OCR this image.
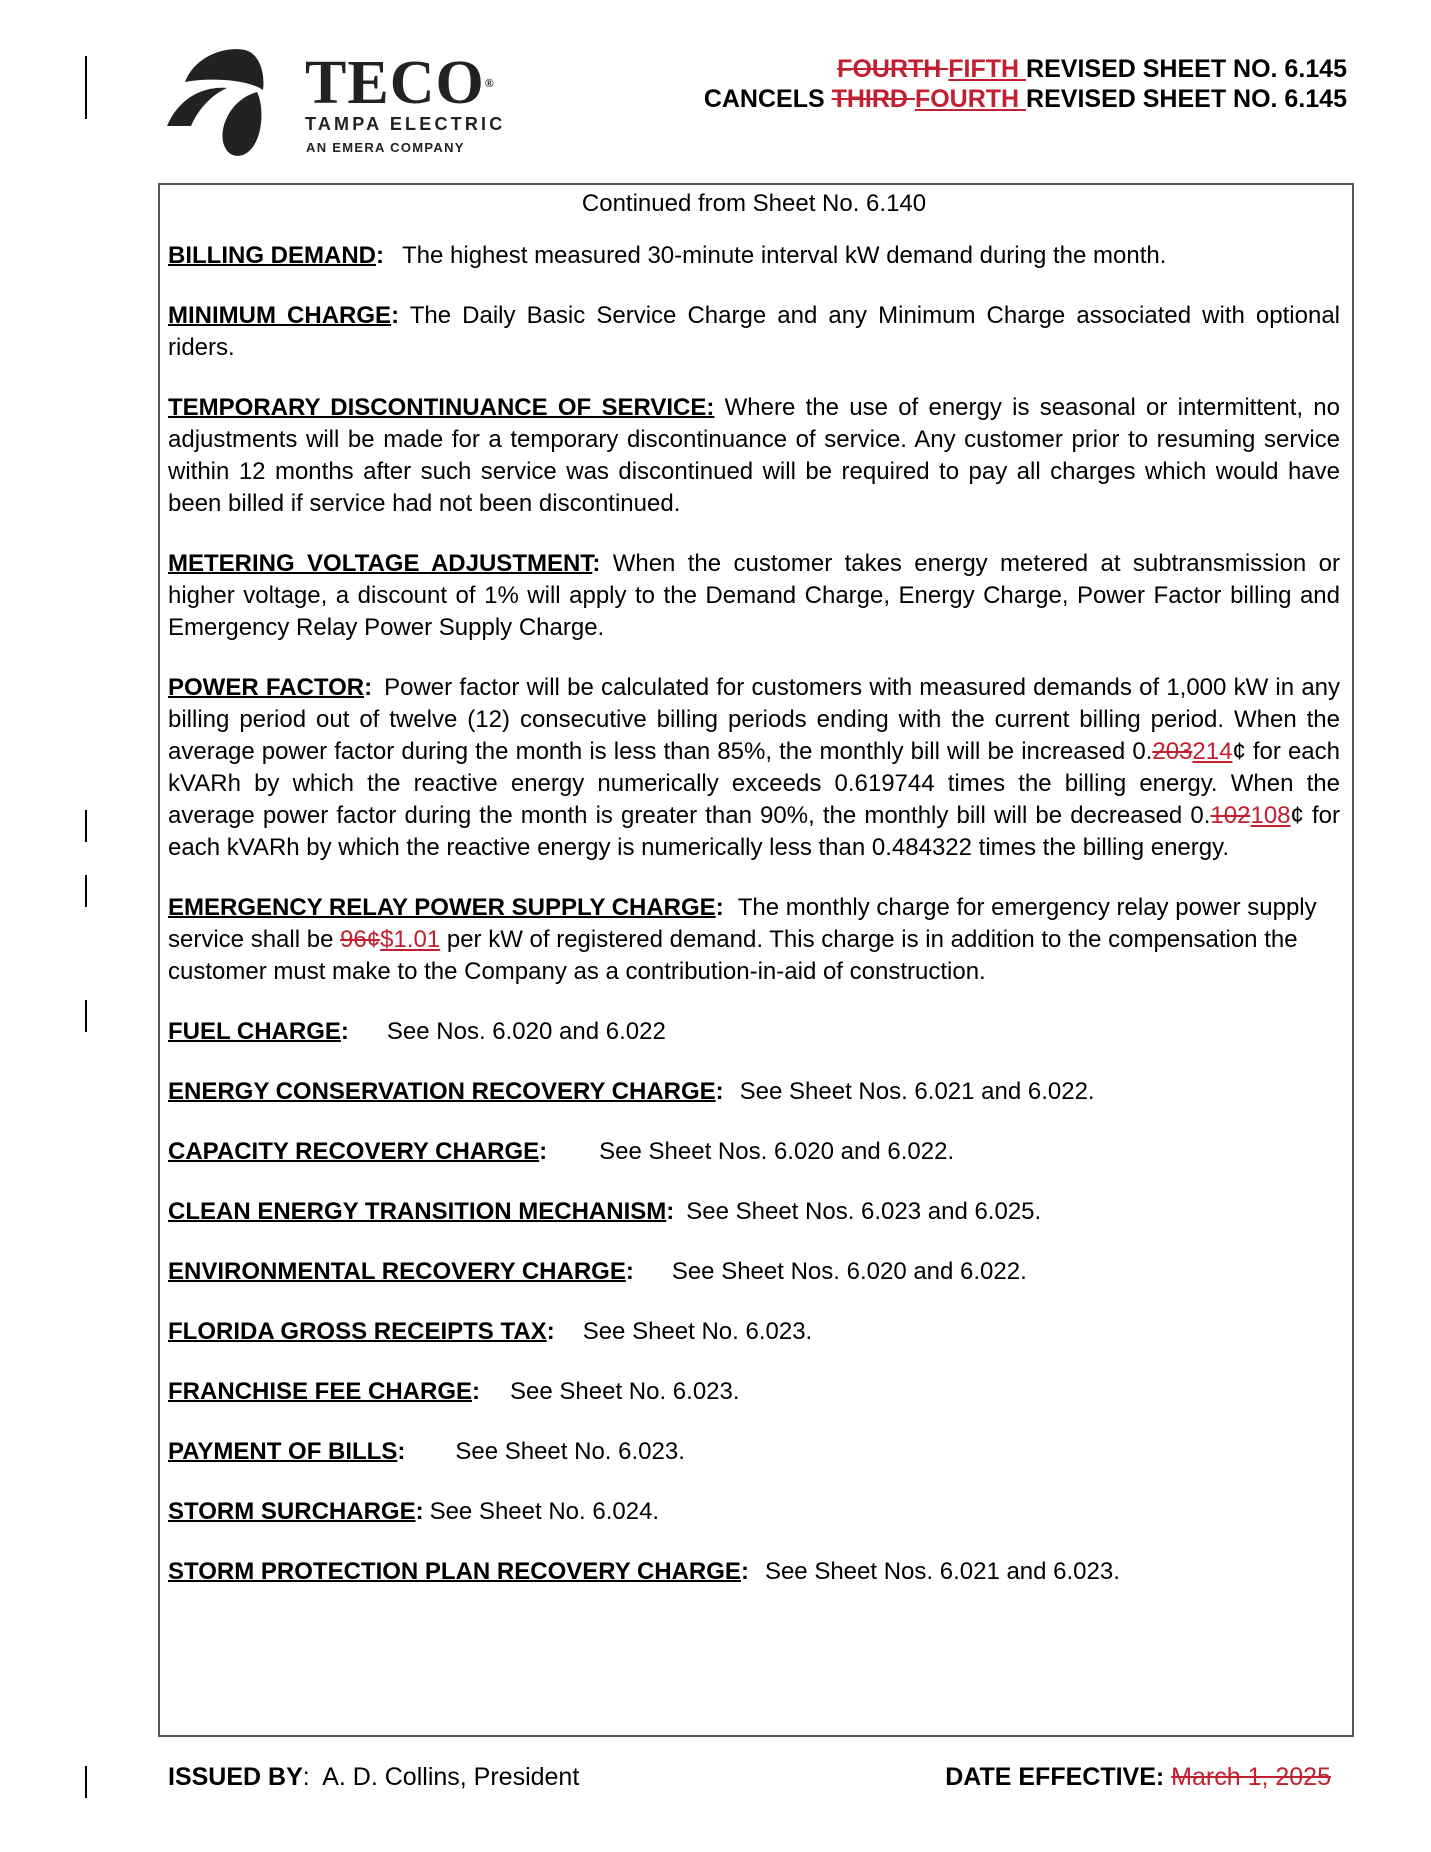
TECO®
TAMPA ELECTRIC
AN EMERA COMPANY
FOURTH FIFTH REVISED SHEET NO. 6.145
CANCELS THIRD FOURTH REVISED SHEET NO. 6.145

Continued from Sheet No. 6.140

BILLING DEMAND: The highest measured 30-minute interval kW demand during the month.

MINIMUM CHARGE: The Daily Basic Service Charge and any Minimum Charge associated with optional riders.

TEMPORARY DISCONTINUANCE OF SERVICE: Where the use of energy is seasonal or intermittent, no adjustments will be made for a temporary discontinuance of service. Any customer prior to resuming service within 12 months after such service was discontinued will be required to pay all charges which would have been billed if service had not been discontinued.

METERING VOLTAGE ADJUSTMENT: When the customer takes energy metered at subtransmission or higher voltage, a discount of 1% will apply to the Demand Charge, Energy Charge, Power Factor billing and Emergency Relay Power Supply Charge.

POWER FACTOR: Power factor will be calculated for customers with measured demands of 1,000 kW in any billing period out of twelve (12) consecutive billing periods ending with the current billing period. When the average power factor during the month is less than 85%, the monthly bill will be increased 0.203214¢ for each kVARh by which the reactive energy numerically exceeds 0.619744 times the billing energy. When the average power factor during the month is greater than 90%, the monthly bill will be decreased 0.102108¢ for each kVARh by which the reactive energy is numerically less than 0.484322 times the billing energy.

EMERGENCY RELAY POWER SUPPLY CHARGE: The monthly charge for emergency relay power supply service shall be 96¢$1.01 per kW of registered demand. This charge is in addition to the compensation the customer must make to the Company as a contribution-in-aid of construction.

FUEL CHARGE: See Nos. 6.020 and 6.022

ENERGY CONSERVATION RECOVERY CHARGE: See Sheet Nos. 6.021 and 6.022.

CAPACITY RECOVERY CHARGE: See Sheet Nos. 6.020 and 6.022.

CLEAN ENERGY TRANSITION MECHANISM: See Sheet Nos. 6.023 and 6.025.

ENVIRONMENTAL RECOVERY CHARGE: See Sheet Nos. 6.020 and 6.022.

FLORIDA GROSS RECEIPTS TAX: See Sheet No. 6.023.

FRANCHISE FEE CHARGE: See Sheet No. 6.023.

PAYMENT OF BILLS: See Sheet No. 6.023.

STORM SURCHARGE: See Sheet No. 6.024.

STORM PROTECTION PLAN RECOVERY CHARGE: See Sheet Nos. 6.021 and 6.023.

ISSUED BY: A. D. Collins, President	DATE EFFECTIVE: March 1, 2025
